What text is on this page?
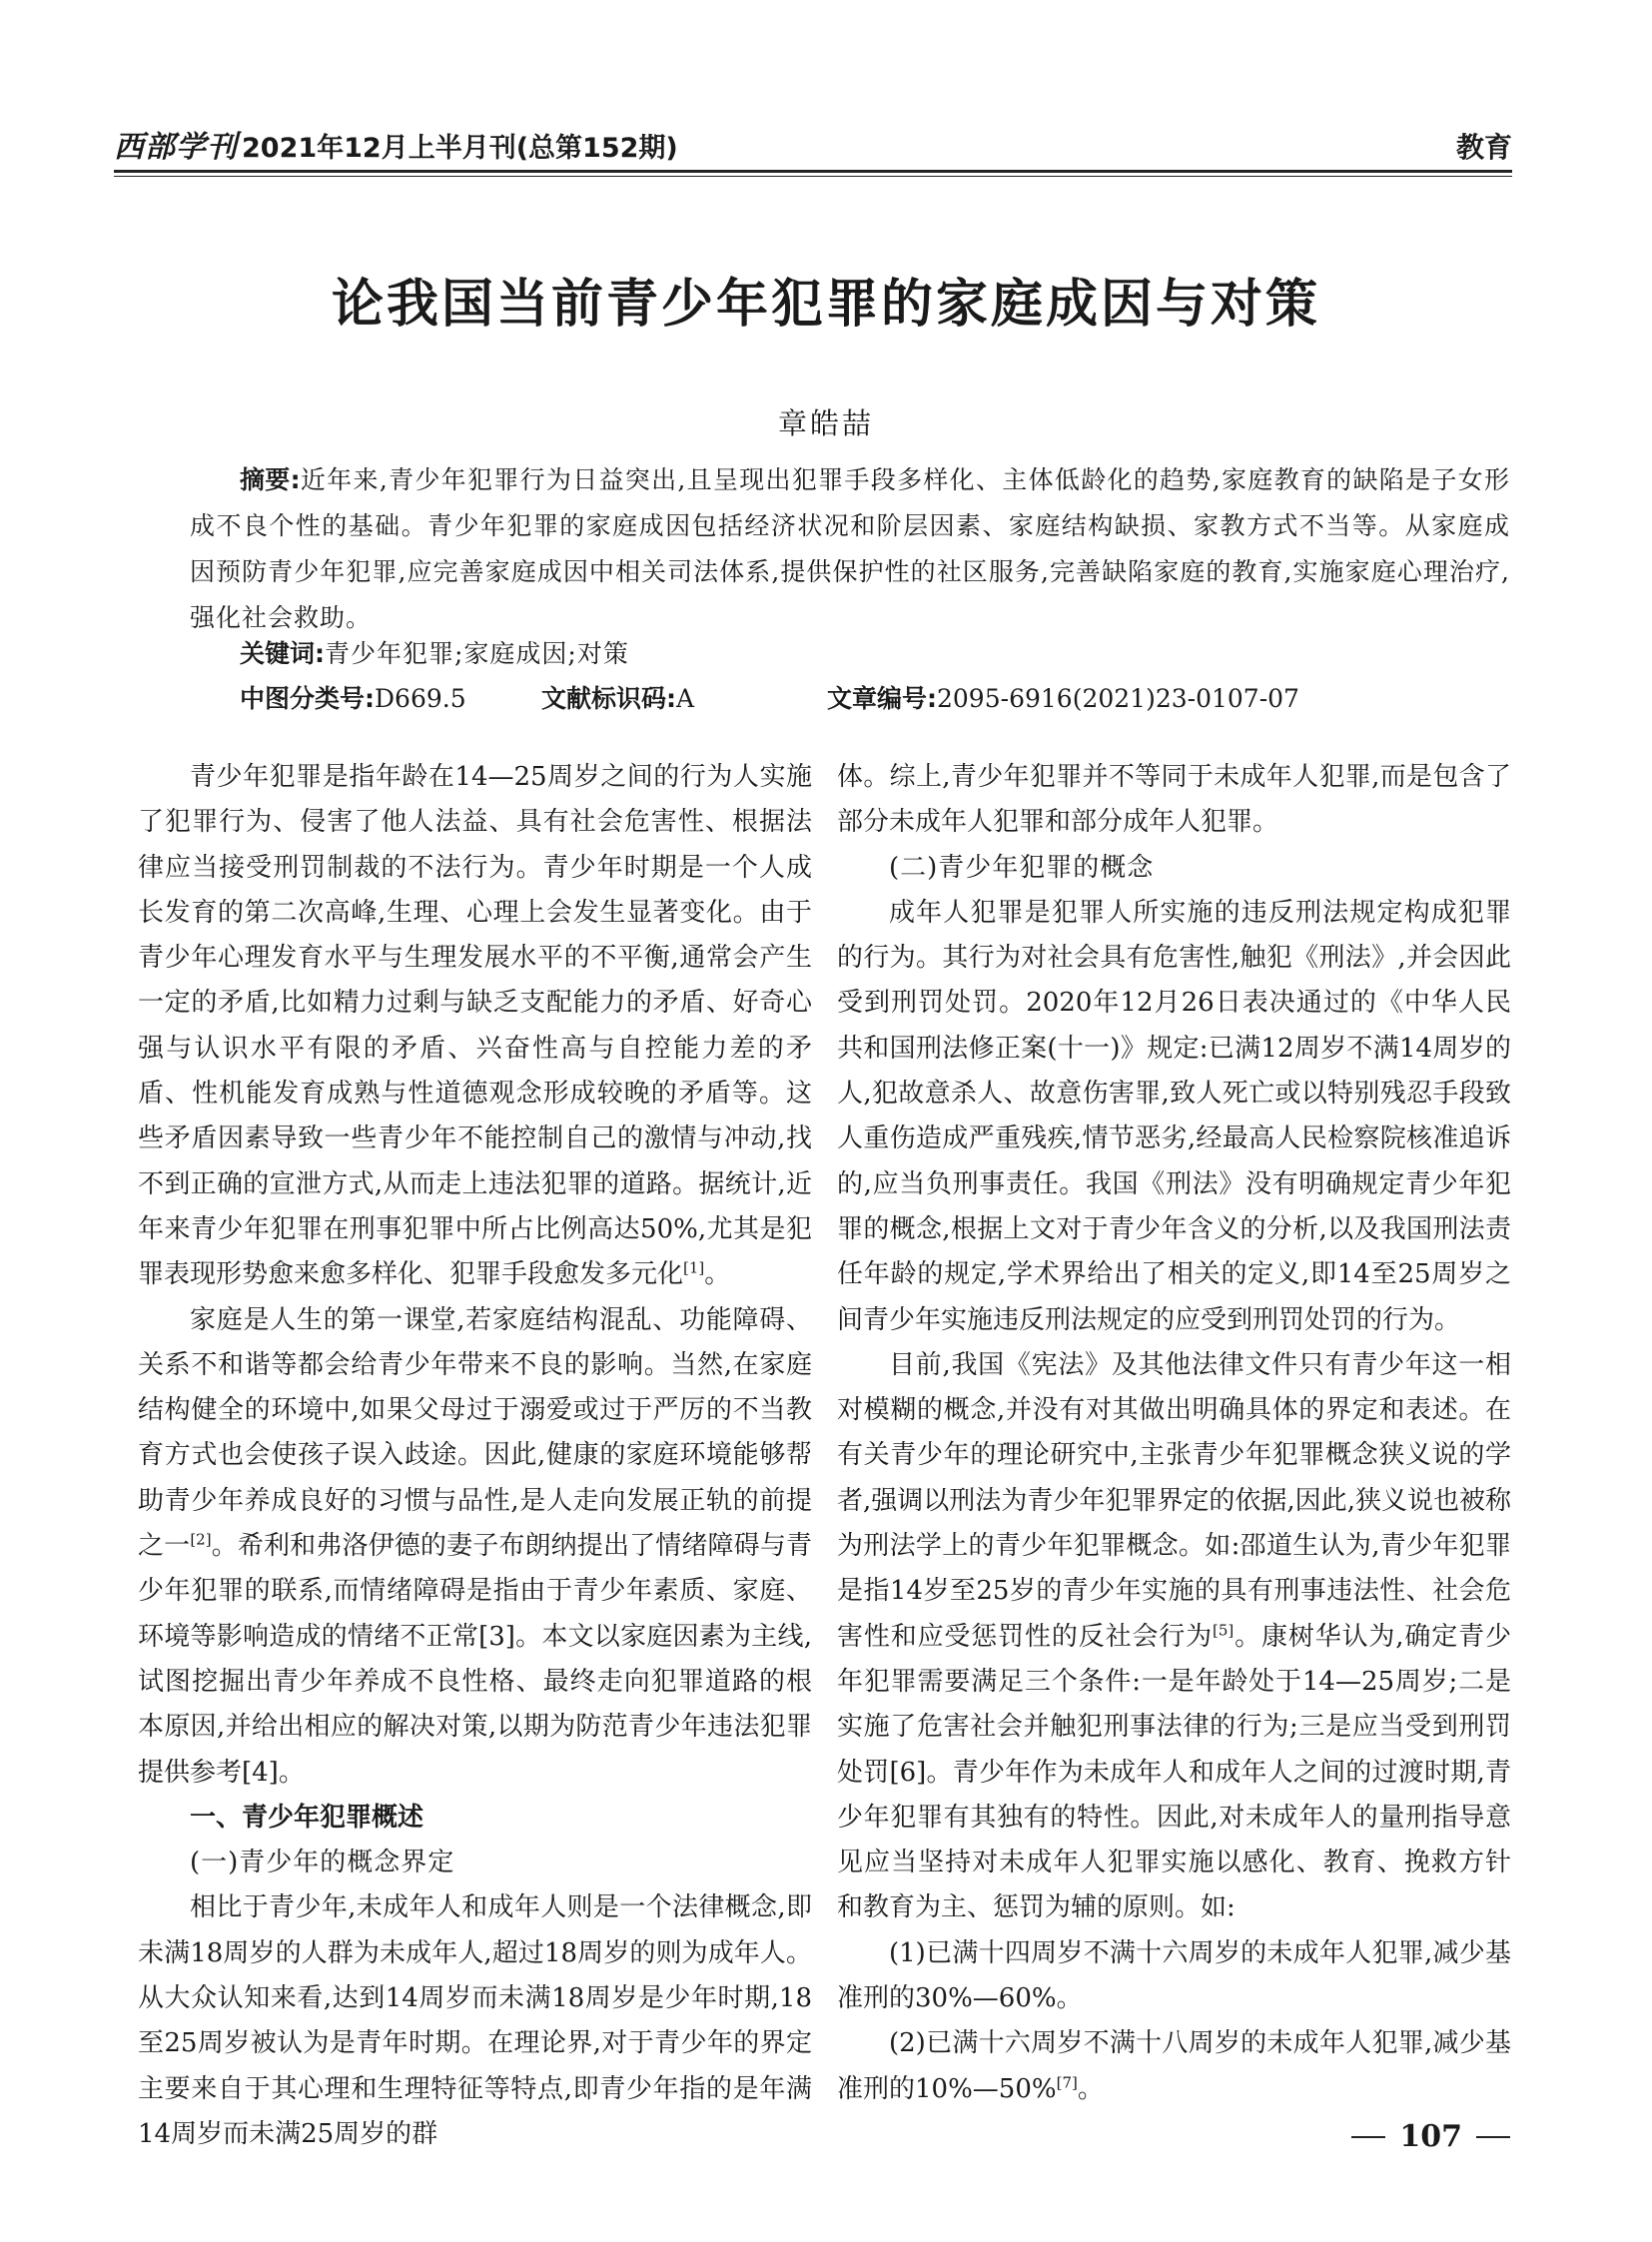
西部学刊 2021年12月上半月刊(总第152期)	教育
论我国当前青少年犯罪的家庭成因与对策
章皓喆

摘要:近年来,青少年犯罪行为日益突出,且呈现出犯罪手段多样化、主体低龄化的趋势,家庭教育的缺陷是子女形成不良个性的基础。青少年犯罪的家庭成因包括经济状况和阶层因素、家庭结构缺损、家教方式不当等。从家庭成因预防青少年犯罪,应完善家庭成因中相关司法体系,提供保护性的社区服务,完善缺陷家庭的教育,实施家庭心理治疗,强化社会救助。

关键词:青少年犯罪;家庭成因;对策

中图分类号:D669.5	文献标识码:A	文章编号:2095-6916(2021)23-0107-07

青少年犯罪是指年龄在14—25周岁之间的行为人实施了犯罪行为、侵害了他人法益、具有社会危害性、根据法律应当接受刑罚制裁的不法行为。青少年时期是一个人成长发育的第二次高峰,生理、心理上会发生显著变化。由于青少年心理发育水平与生理发展水平的不平衡,通常会产生一定的矛盾,比如精力过剩与缺乏支配能力的矛盾、好奇心强与认识水平有限的矛盾、兴奋性高与自控能力差的矛盾、性机能发育成熟与性道德观念形成较晚的矛盾等。这些矛盾因素导致一些青少年不能控制自己的激情与冲动,找不到正确的宣泄方式,从而走上违法犯罪的道路。据统计,近年来青少年犯罪在刑事犯罪中所占比例高达50%,尤其是犯罪表现形势愈来愈多样化、犯罪手段愈发多元化[1]。

家庭是人生的第一课堂,若家庭结构混乱、功能障碍、关系不和谐等都会给青少年带来不良的影响。当然,在家庭结构健全的环境中,如果父母过于溺爱或过于严厉的不当教育方式也会使孩子误入歧途。因此,健康的家庭环境能够帮助青少年养成良好的习惯与品性,是人走向发展正轨的前提之一[2]。希利和弗洛伊德的妻子布朗纳提出了情绪障碍与青少年犯罪的联系,而情绪障碍是指由于青少年素质、家庭、环境等影响造成的情绪不正常[3]。本文以家庭因素为主线,试图挖掘出青少年养成不良性格、最终走向犯罪道路的根本原因,并给出相应的解决对策,以期为防范青少年违法犯罪提供参考[4]。

一、青少年犯罪概述

(一)青少年的概念界定

相比于青少年,未成年人和成年人则是一个法律概念,即未满18周岁的人群为未成年人,超过18周岁的则为成年人。从大众认知来看,达到14周岁而未满18周岁是少年时期,18至25周岁被认为是青年时期。在理论界,对于青少年的界定主要来自于其心理和生理特征等特点,即青少年指的是年满14周岁而未满25周岁的群

体。综上,青少年犯罪并不等同于未成年人犯罪,而是包含了部分未成年人犯罪和部分成年人犯罪。

(二)青少年犯罪的概念

成年人犯罪是犯罪人所实施的违反刑法规定构成犯罪的行为。其行为对社会具有危害性,触犯《刑法》,并会因此受到刑罚处罚。2020年12月26日表决通过的《中华人民共和国刑法修正案(十一)》规定:已满12周岁不满14周岁的人,犯故意杀人、故意伤害罪,致人死亡或以特别残忍手段致人重伤造成严重残疾,情节恶劣,经最高人民检察院核准追诉的,应当负刑事责任。我国《刑法》没有明确规定青少年犯罪的概念,根据上文对于青少年含义的分析,以及我国刑法责任年龄的规定,学术界给出了相关的定义,即14至25周岁之间青少年实施违反刑法规定的应受到刑罚处罚的行为。

目前,我国《宪法》及其他法律文件只有青少年这一相对模糊的概念,并没有对其做出明确具体的界定和表述。在有关青少年的理论研究中,主张青少年犯罪概念狭义说的学者,强调以刑法为青少年犯罪界定的依据,因此,狭义说也被称为刑法学上的青少年犯罪概念。如:邵道生认为,青少年犯罪是指14岁至25岁的青少年实施的具有刑事违法性、社会危害性和应受惩罚性的反社会行为[5]。康树华认为,确定青少年犯罪需要满足三个条件:一是年龄处于14—25周岁;二是实施了危害社会并触犯刑事法律的行为;三是应当受到刑罚处罚[6]。青少年作为未成年人和成年人之间的过渡时期,青少年犯罪有其独有的特性。因此,对未成年人的量刑指导意见应当坚持对未成年人犯罪实施以感化、教育、挽救方针和教育为主、惩罚为辅的原则。如:

(1)已满十四周岁不满十六周岁的未成年人犯罪,减少基准刑的30%—60%。

(2)已满十六周岁不满十八周岁的未成年人犯罪,减少基准刑的10%—50%[7]。

107
